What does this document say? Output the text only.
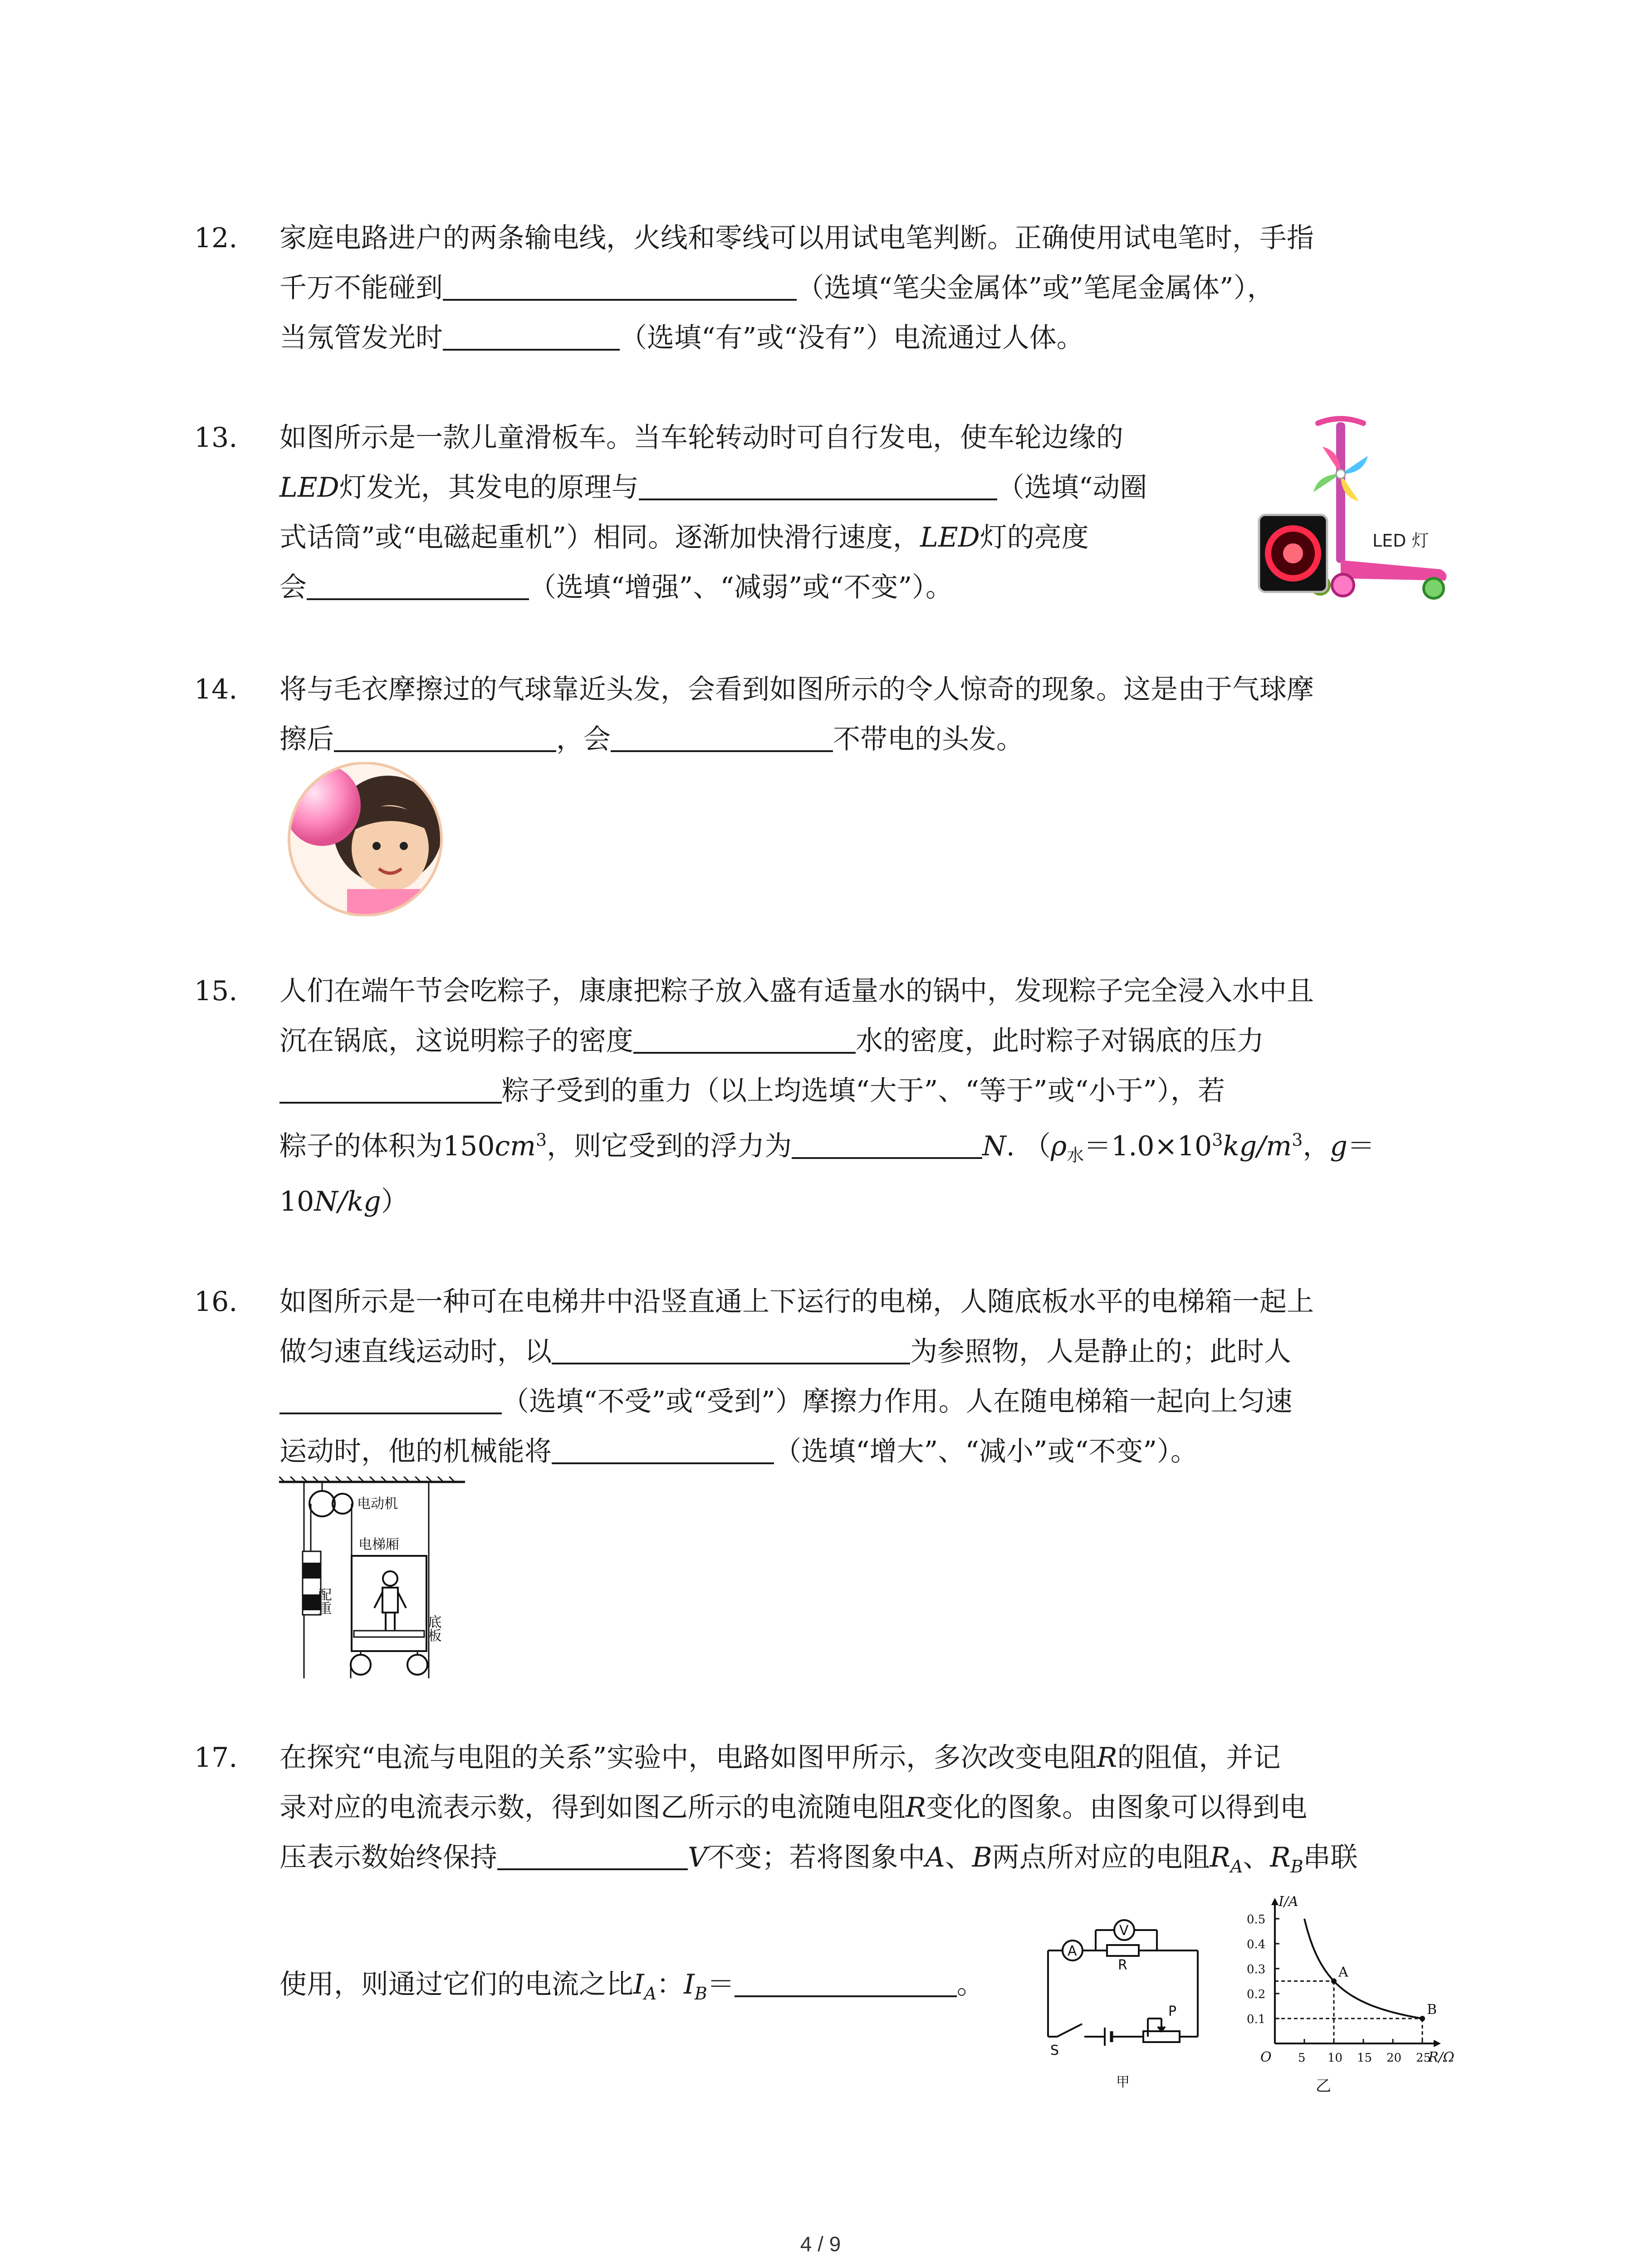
12.	家庭电路进户的两条输电线，火线和零线可以用试电笔判断。正确使用试电笔时，手指
千万不能碰到	（选填“笔尖金属体”或”笔尾金属体”），
当氖管发光时	（选填“有”或“没有”）电流通过人体。
13.	如图所示是一款儿童滑板车。当车轮转动时可自行发电，使车轮边缘的
LED灯发光，其发电的原理与	（选填“动圈
式话筒”或“电磁起重机”）相同。逐渐加快滑行速度，LED灯的亮度
会	（选填“增强”、“减弱”或“不变”）。
LED 灯
14.	将与毛衣摩擦过的气球靠近头发，会看到如图所示的令人惊奇的现象。这是由于气球摩
擦后	，会	不带电的头发。
15.	人们在端午节会吃粽子，康康把粽子放入盛有适量水的锅中，发现粽子完全浸入水中且
沉在锅底，这说明粽子的密度	水的密度，此时粽子对锅底的压力
粽子受到的重力（以上均选填“大于”、“等于”或“小于”），若
粽子的体积为$150cm^3$，则它受到的浮力为	N. （$\rho_水=1.0\times 10^3kg/m^3$，g＝
10N/kg）
16.	如图所示是一种可在电梯井中沿竖直通上下运行的电梯，人随底板水平的电梯箱一起上
做匀速直线运动时，以	为参照物，人是静止的；此时人
（选填“不受”或“受到”）摩擦力作用。人在随电梯箱一起向上匀速
运动时，他的机械能将	（选填“增大”、“减小”或“不变”）。
配重
电动机
电梯厢
底板
17.	在探究“电流与电阻的关系”实验中，电路如图甲所示，多次改变电阻R的阻值，并记
录对应的电流表示数，得到如图乙所示的电流随电阻R变化的图象。由图象可以得到电
压表示数始终保持	V不变；若将图象中A、B两点所对应的电阻$R_A$、$R_B$串联
使用，则通过它们的电流之比$I_A$：$I_B=$	。
A
V
R
P
S
甲
I/A
R/Ω
O
乙
0.5
0.4
0.3
0.2
0.1
5 10 15 20 25
A
B
4 / 9
